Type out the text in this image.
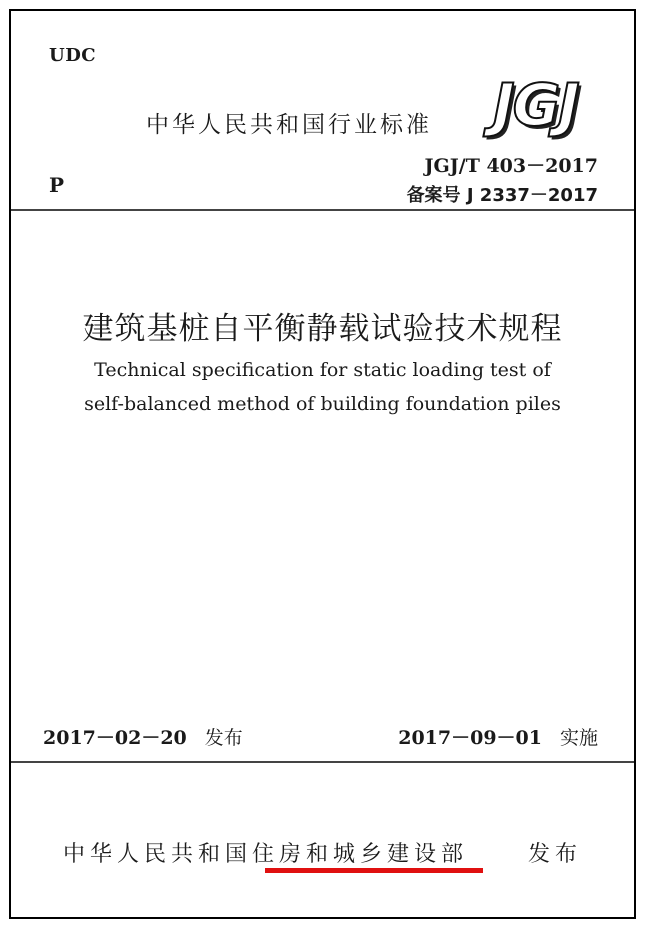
UDC
中华人民共和国行业标准 JGJ
P
JGJ/T 403－2017
备案号 J 2337－2017
建筑基桩自平衡静载试验技术规程
Technical specification for static loading test of
self-balanced method of building foundation piles
2017－02－20 发布	2017－09－01 实施
中华人民共和国住房和城乡建设部	发布
